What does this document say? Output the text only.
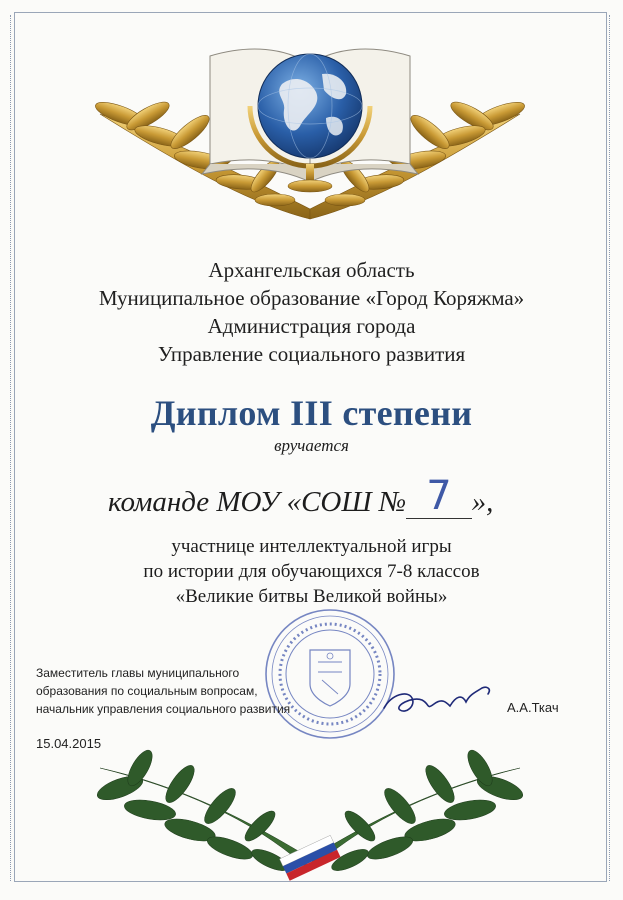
Архангельская область
Муниципальное образование «Город Коряжма»
Администрация города
Управление социального развития
Диплом III степени
вручается
команде МОУ «СОШ № 7 »,
участнице интеллектуальной игры
по истории для обучающихся 7-8 классов
«Великие битвы Великой войны»
Заместитель главы муниципального
образования по социальным вопросам,
начальник управления социального развития	А.А.Ткач
15.04.2015
